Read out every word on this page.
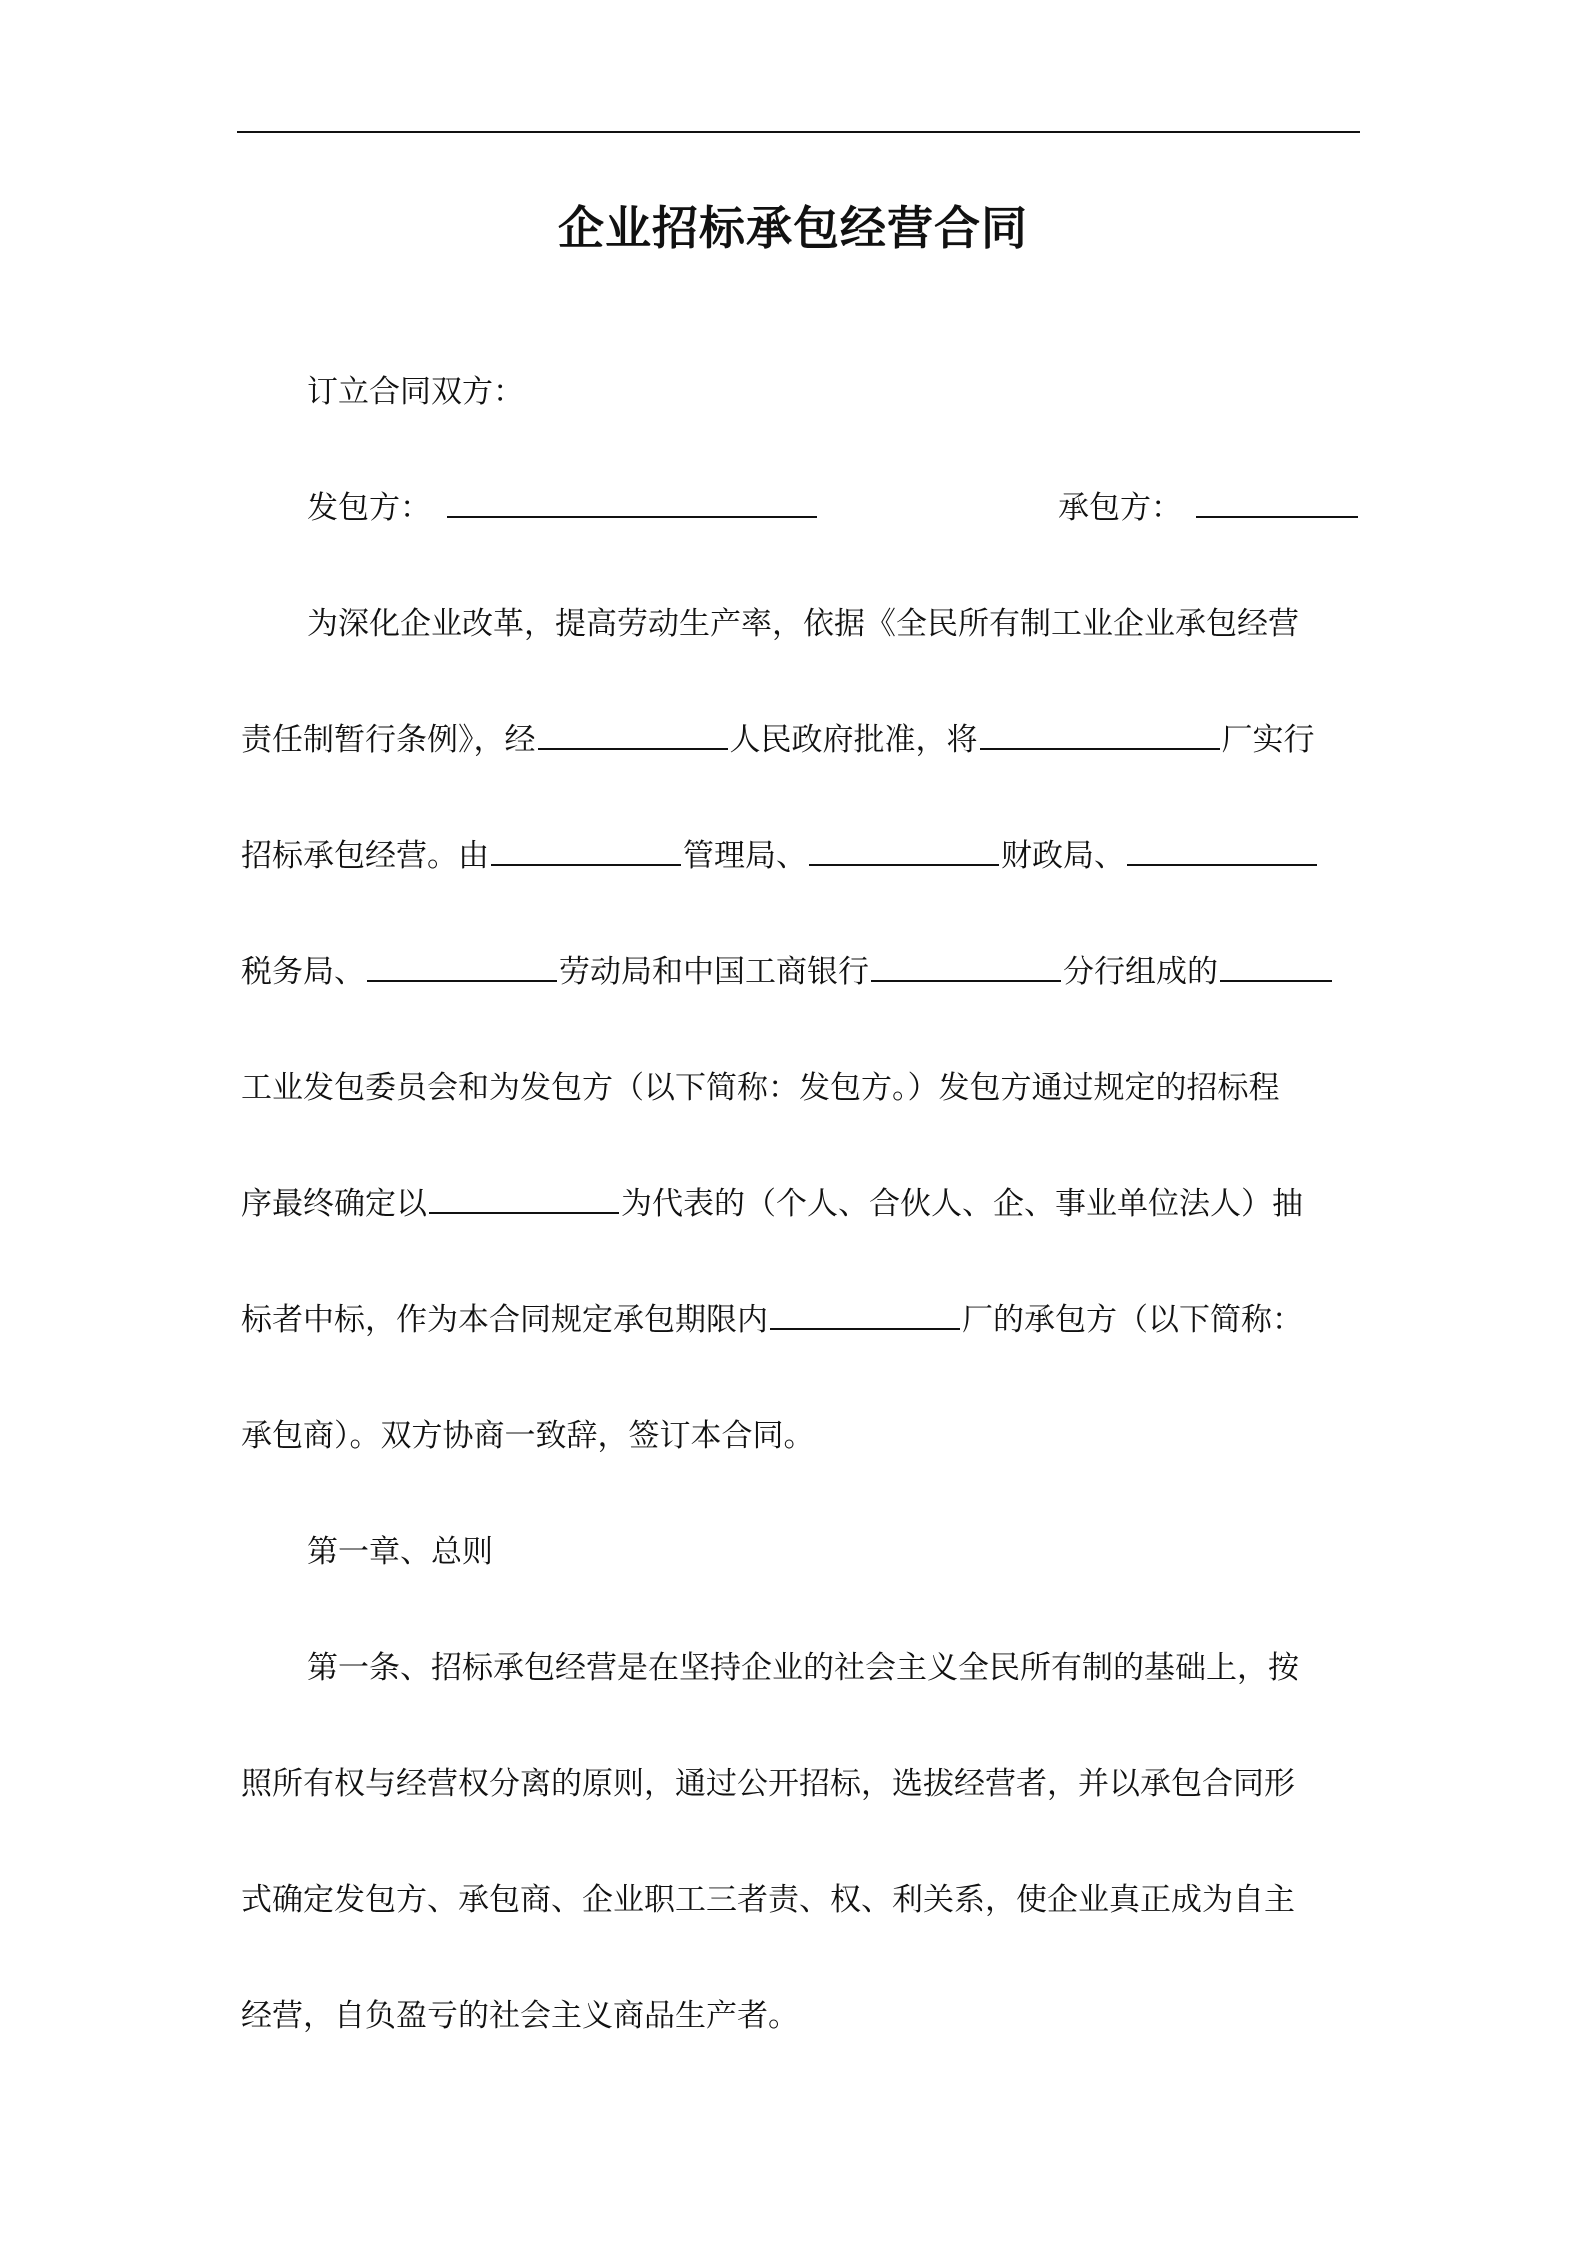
企业招标承包经营合同
订立合同双方：
发包方：	承包方：
为深化企业改革，提高劳动生产率，依据《全民所有制工业企业承包经营
责任制暂行条例》，经	人民政府批准，将	厂实行
招标承包经营。由	管理局、	财政局、
税务局、	劳动局和中国工商银行	分行组成的
工业发包委员会和为发包方（以下简称：发包方。）发包方通过规定的招标程
序最终确定以	为代表的（个人、合伙人、企、事业单位法人）抽
标者中标，作为本合同规定承包期限内	厂的承包方（以下简称：
承包商）。双方协商一致辞，签订本合同。
第一章、总则
第一条、招标承包经营是在坚持企业的社会主义全民所有制的基础上，按
照所有权与经营权分离的原则，通过公开招标，选拔经营者，并以承包合同形
式确定发包方、承包商、企业职工三者责、权、利关系，使企业真正成为自主
经营，自负盈亏的社会主义商品生产者。
